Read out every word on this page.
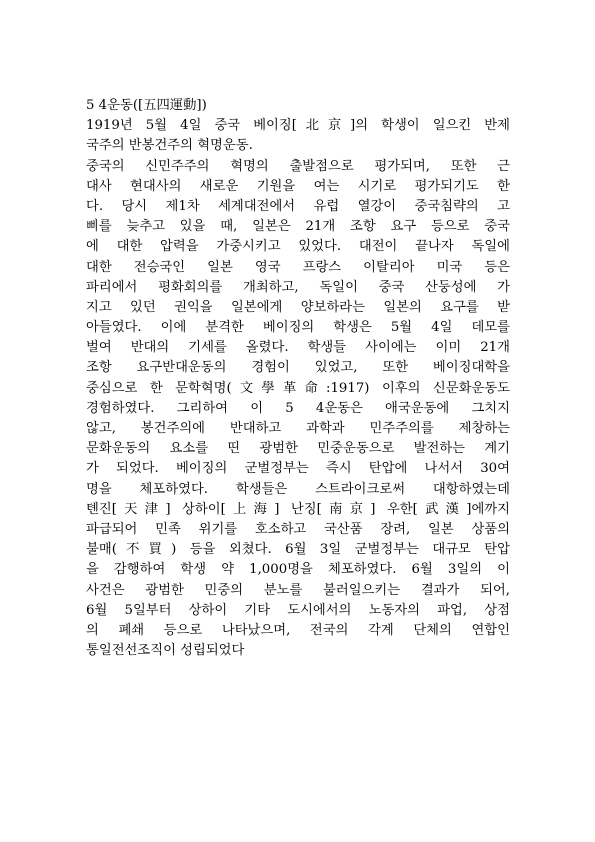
5 4운동([五四運動])
1919년 5월 4일 중국 베이징[北京]의 학생이 일으킨 반제
국주의 반봉건주의 혁명운동.
중국의 신민주주의 혁명의 출발점으로 평가되며, 또한 근
대사 현대사의 새로운 기원을 여는 시기로 평가되기도 한
다. 당시 제1차 세계대전에서 유럽 열강이 중국침략의 고
삐를 늦추고 있을 때, 일본은 21개 조항 요구 등으로 중국
에 대한 압력을 가중시키고 있었다. 대전이 끝나자 독일에
대한 전승국인 일본 영국 프랑스 이탈리아 미국 등은
파리에서 평화회의를 개최하고, 독일이 중국 산둥성에 가
지고 있던 권익을 일본에게 양보하라는 일본의 요구를 받
아들였다. 이에 분격한 베이징의 학생은 5월 4일 데모를
벌여 반대의 기세를 올렸다. 학생들 사이에는 이미 21개
조항 요구반대운동의 경험이 있었고, 또한 베이징대학을
중심으로 한 문학혁명(文學革命:1917) 이후의 신문화운동도
경험하였다. 그리하여 이 5 4운동은 애국운동에 그치지
않고, 봉건주의에 반대하고 과학과 민주주의를 제창하는
문화운동의 요소를 띤 광범한 민중운동으로 발전하는 계기
가 되었다. 베이징의 군벌정부는 즉시 탄압에 나서서 30여
명을 체포하였다. 학생들은 스트라이크로써 대항하였는데
톈진[天津] 상하이[上海] 난징[南京] 우한[武漢]에까지
파급되어 민족 위기를 호소하고 국산품 장려, 일본 상품의
불매(不買) 등을 외쳤다. 6월 3일 군벌정부는 대규모 탄압
을 감행하여 학생 약 1,000명을 체포하였다. 6월 3일의 이
사건은 광범한 민중의 분노를 불러일으키는 결과가 되어,
6월 5일부터 상하이 기타 도시에서의 노동자의 파업, 상점
의 폐쇄 등으로 나타났으며, 전국의 각계 단체의 연합인
통일전선조직이 성립되었다
